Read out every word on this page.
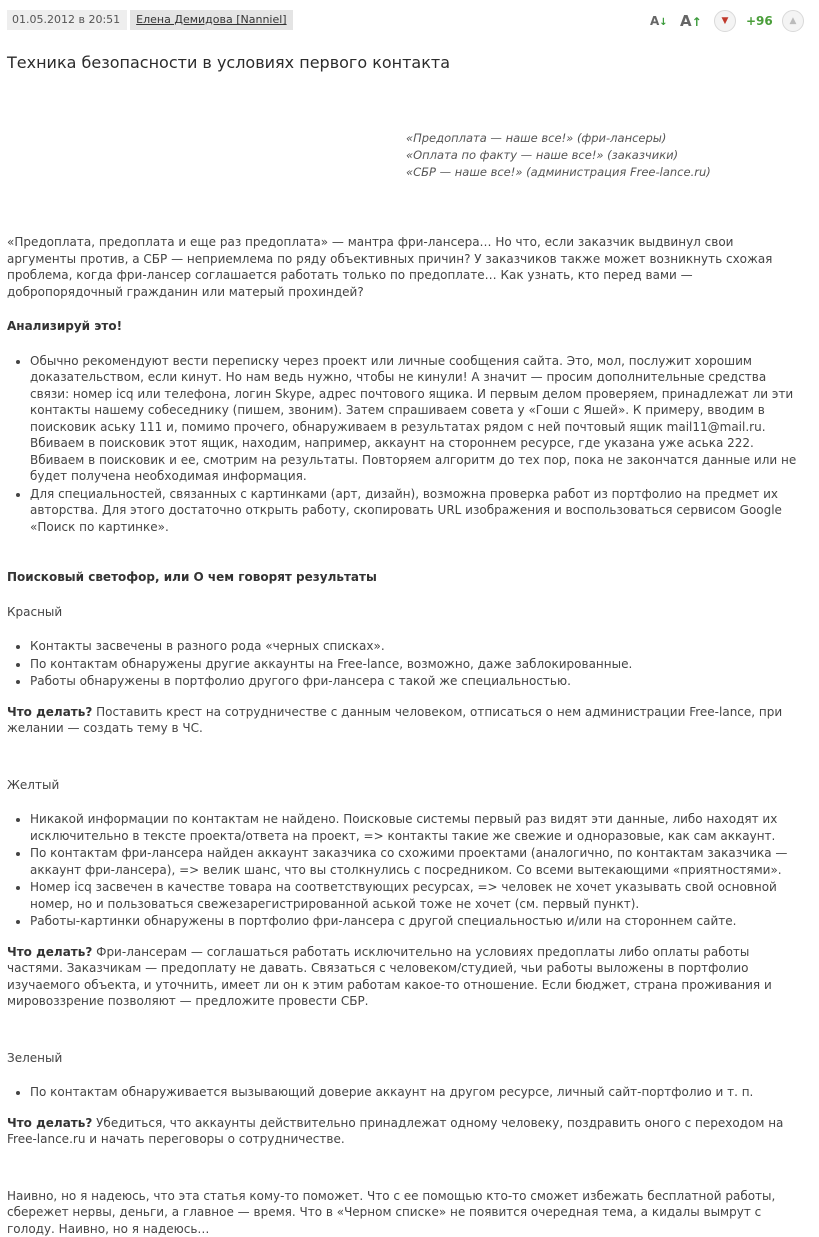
01.05.2012 в 20:51	Елена Демидова [Nanniel]	A↓ A↑	▼	+96	▲
Техника безопасности в условиях первого контакта
«Предоплата — наше все!» (фри-лансеры)
«Оплата по факту — наше все!» (заказчики)
«СБР — наше все!» (администрация Free-lance.ru)

«Предоплата, предоплата и еще раз предоплата» — мантра фри-лансера… Но что, если заказчик выдвинул свои аргументы против, а СБР — неприемлема по ряду объективных причин? У заказчиков также может возникнуть схожая проблема, когда фри-лансер соглашается работать только по предоплате… Как узнать, кто перед вами — добропорядочный гражданин или матерый прохиндей?

Анализируй это!

• Обычно рекомендуют вести переписку через проект или личные сообщения сайта. Это, мол, послужит хорошим доказательством, если кинут. Но нам ведь нужно, чтобы не кинули! А значит — просим дополнительные средства связи: номер icq или телефона, логин Skype, адрес почтового ящика. И первым делом проверяем, принадлежат ли эти контакты нашему собеседнику (пишем, звоним). Затем спрашиваем совета у «Гоши с Яшей». К примеру, вводим в поисковик аську 111 и, помимо прочего, обнаруживаем в результатах рядом с ней почтовый ящик mail11@mail.ru. Вбиваем в поисковик этот ящик, находим, например, аккаунт на стороннем ресурсе, где указана уже аська 222. Вбиваем в поисковик и ее, смотрим на результаты. Повторяем алгоритм до тех пор, пока не закончатся данные или не будет получена необходимая информация.
• Для специальностей, связанных с картинками (арт, дизайн), возможна проверка работ из портфолио на предмет их авторства. Для этого достаточно открыть работу, скопировать URL изображения и воспользоваться сервисом Google «Поиск по картинке».

Поисковый светофор, или О чем говорят результаты

Красный

• Контакты засвечены в разного рода «черных списках».
• По контактам обнаружены другие аккаунты на Free-lance, возможно, даже заблокированные.
• Работы обнаружены в портфолио другого фри-лансера с такой же специальностью.

Что делать? Поставить крест на сотрудничестве с данным человеком, отписаться о нем администрации Free-lance, при желании — создать тему в ЧС.

Желтый

• Никакой информации по контактам не найдено. Поисковые системы первый раз видят эти данные, либо находят их исключительно в тексте проекта/ответа на проект, => контакты такие же свежие и одноразовые, как сам аккаунт.
• По контактам фри-лансера найден аккаунт заказчика со схожими проектами (аналогично, по контактам заказчика — аккаунт фри-лансера), => велик шанс, что вы столкнулись с посредником. Со всеми вытекающими «приятностями».
• Номер icq засвечен в качестве товара на соответствующих ресурсах, => человек не хочет указывать свой основной номер, но и пользоваться свежезарегистрированной аськой тоже не хочет (см. первый пункт).
• Работы-картинки обнаружены в портфолио фри-лансера с другой специальностью и/или на стороннем сайте.

Что делать? Фри-лансерам — соглашаться работать исключительно на условиях предоплаты либо оплаты работы частями. Заказчикам — предоплату не давать. Связаться с человеком/студией, чьи работы выложены в портфолио изучаемого объекта, и уточнить, имеет ли он к этим работам какое-то отношение. Если бюджет, страна проживания и мировоззрение позволяют — предложите провести СБР.

Зеленый

• По контактам обнаруживается вызывающий доверие аккаунт на другом ресурсе, личный сайт-портфолио и т. п.

Что делать? Убедиться, что аккаунты действительно принадлежат одному человеку, поздравить оного с переходом на Free-lance.ru и начать переговоры о сотрудничестве.

Наивно, но я надеюсь, что эта статья кому-то поможет. Что с ее помощью кто-то сможет избежать бесплатной работы, сбережет нервы, деньги, а главное — время. Что в «Черном списке» не появится очередная тема, а кидалы вымрут с голоду. Наивно, но я надеюсь…
